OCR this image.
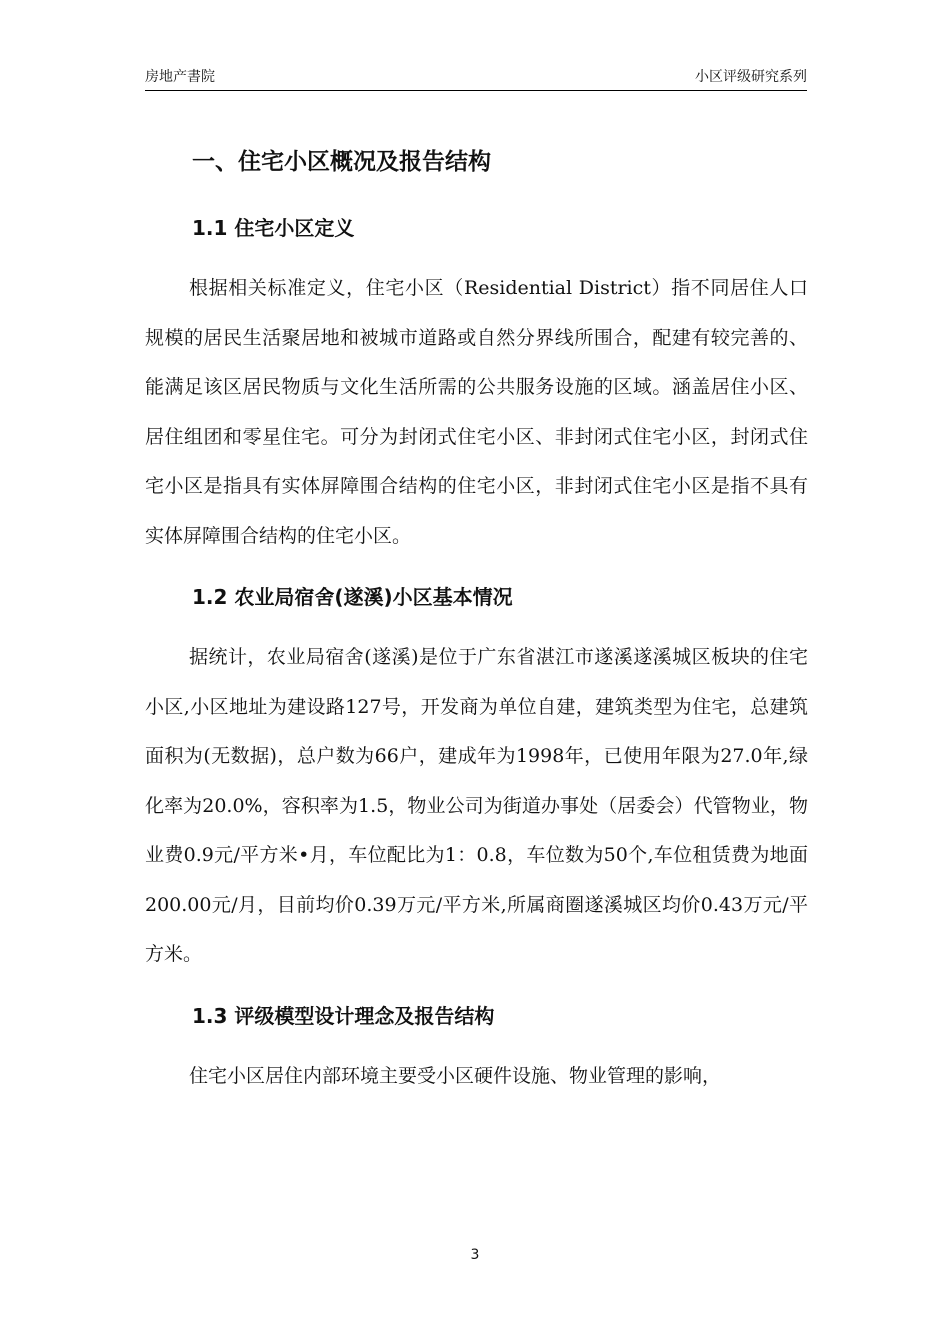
房地产書院	小区评级研究系列
一、住宅小区概况及报告结构
1.1 住宅小区定义

根据相关标准定义，住宅小区（Residential District）指不同居住人口规模的居民生活聚居地和被城市道路或自然分界线所围合，配建有较完善的、能满足该区居民物质与文化生活所需的公共服务设施的区域。涵盖居住小区、居住组团和零星住宅。可分为封闭式住宅小区、非封闭式住宅小区，封闭式住宅小区是指具有实体屏障围合结构的住宅小区，非封闭式住宅小区是指不具有实体屏障围合结构的住宅小区。

1.2 农业局宿舍(遂溪)小区基本情况

据统计，农业局宿舍(遂溪)是位于广东省湛江市遂溪遂溪城区板块的住宅小区,小区地址为建设路127号，开发商为单位自建，建筑类型为住宅，总建筑面积为(无数据)，总户数为66户，建成年为1998年，已使用年限为27.0年,绿化率为20.0%，容积率为1.5，物业公司为街道办事处（居委会）代管物业，物业费0.9元/平方米•月，车位配比为1：0.8，车位数为50个,车位租赁费为地面200.00元/月，目前均价0.39万元/平方米,所属商圈遂溪城区均价0.43万元/平方米。

1.3 评级模型设计理念及报告结构

住宅小区居住内部环境主要受小区硬件设施、物业管理的影响，

3
